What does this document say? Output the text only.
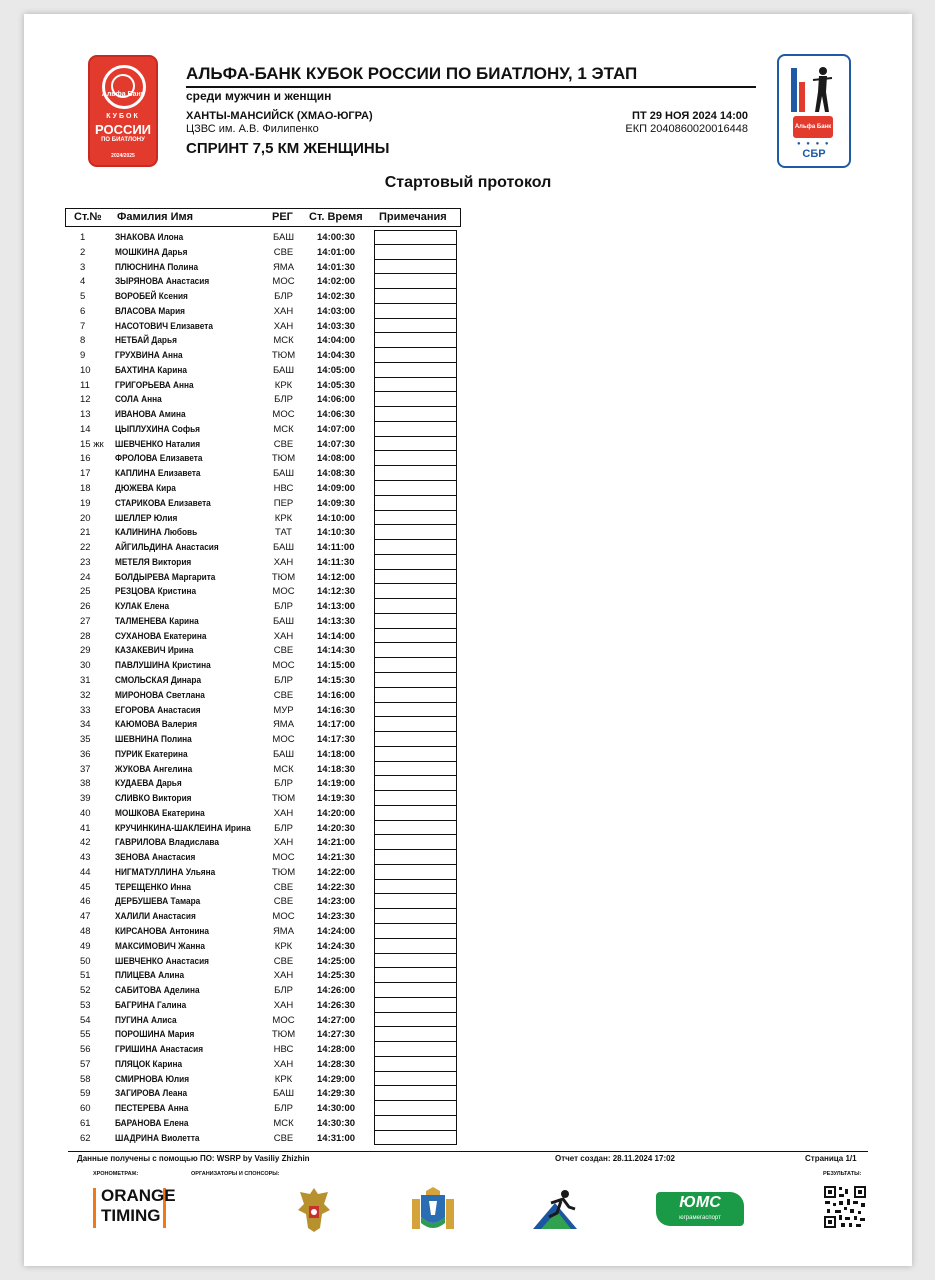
Альфа Банк
КУБОК
РОССИИ
ПО БИАТЛОНУ
2024/2025
Альфа Банк
● ● ● ●
СБР
АЛЬФА-БАНК КУБОК РОССИИ ПО БИАТЛОНУ, 1 ЭТАП
среди мужчин и женщин
ХАНТЫ-МАНСИЙСК (ХМАО-ЮГРА)
ЦЗВС им. А.В. Филипенко
ПТ 29 НОЯ 2024 14:00
ЕКП 2040860020016448
СПРИНТ 7,5 КМ ЖЕНЩИНЫ
Стартовый протокол
Ст.№ Фамилия Имя	РЕГ Ст. Время Примечания
1	ЗНАКОВА Илона	БАШ 14:00:30
2	МОШКИНА Дарья	СВЕ 14:01:00
3	ПЛЮСНИНА Полина	ЯМА 14:01:30
4	ЗЫРЯНОВА Анастасия	МОС 14:02:00
5	ВОРОБЕЙ Ксения	БЛР	14:02:30
6	ВЛАСОВА Мария	ХАН 14:03:00
7	НАСОТОВИЧ Елизавета	ХАН 14:03:30
8	НЕТБАЙ Дарья	МСК 14:04:00
9	ГРУХВИНА Анна	ТЮМ 14:04:30
10	БАХТИНА Карина	БАШ 14:05:00
11	ГРИГОРЬЕВА Анна	КРК	14:05:30
12	СОЛА Анна	БЛР	14:06:00
13	ИВАНОВА Амина	МОС 14:06:30
14	ЦЫПЛУХИНА Софья	МСК 14:07:00
15 жк ШЕВЧЕНКО Наталия	СВЕ 14:07:30
16	ФРОЛОВА Елизавета	ТЮМ 14:08:00
17	КАПЛИНА Елизавета	БАШ 14:08:30
18	ДЮЖЕВА Кира	НВС 14:09:00
19	СТАРИКОВА Елизавета	ПЕР	14:09:30
20	ШЕЛЛЕР Юлия	КРК	14:10:00
21	КАЛИНИНА Любовь	ТАТ	14:10:30
22	АЙГИЛЬДИНА Анастасия	БАШ 14:11:00
23	МЕТЕЛЯ Виктория	ХАН 14:11:30
24	БОЛДЫРЕВА Маргарита	ТЮМ 14:12:00
25	РЕЗЦОВА Кристина	МОС 14:12:30
26	КУЛАК Елена	БЛР	14:13:00
27	ТАЛМЕНЕВА Карина	БАШ 14:13:30
28	СУХАНОВА Екатерина	ХАН 14:14:00
29	КАЗАКЕВИЧ Ирина	СВЕ 14:14:30
30	ПАВЛУШИНА Кристина	МОС 14:15:00
31	СМОЛЬСКАЯ Динара	БЛР	14:15:30
32	МИРОНОВА Светлана	СВЕ 14:16:00
33	ЕГОРОВА Анастасия	МУР 14:16:30
34	КАЮМОВА Валерия	ЯМА 14:17:00
35	ШЕВНИНА Полина	МОС 14:17:30
36	ПУРИК Екатерина	БАШ 14:18:00
37	ЖУКОВА Ангелина	МСК 14:18:30
38	КУДАЕВА Дарья	БЛР	14:19:00
39	СЛИВКО Виктория	ТЮМ 14:19:30
40	МОШКОВА Екатерина	ХАН 14:20:00
41	КРУЧИНКИНА-ШАКЛЕИНА Ирина	БЛР	14:20:30
42	ГАВРИЛОВА Владислава	ХАН 14:21:00
43	ЗЕНОВА Анастасия	МОС 14:21:30
44	НИГМАТУЛЛИНА Ульяна	ТЮМ 14:22:00
45	ТЕРЕЩЕНКО Инна	СВЕ 14:22:30
46	ДЕРБУШЕВА Тамара	СВЕ 14:23:00
47	ХАЛИЛИ Анастасия	МОС 14:23:30
48	КИРСАНОВА Антонина	ЯМА 14:24:00
49	МАКСИМОВИЧ Жанна	КРК	14:24:30
50	ШЕВЧЕНКО Анастасия	СВЕ 14:25:00
51	ПЛИЦЕВА Алина	ХАН 14:25:30
52	САБИТОВА Аделина	БЛР	14:26:00
53	БАГРИНА Галина	ХАН 14:26:30
54	ПУГИНА Алиса	МОС 14:27:00
55	ПОРОШИНА Мария	ТЮМ 14:27:30
56	ГРИШИНА Анастасия	НВС 14:28:00
57	ПЛЯЦОК Карина	ХАН 14:28:30
58	СМИРНОВА Юлия	КРК	14:29:00
59	ЗАГИРОВА Леана	БАШ 14:29:30
60	ПЕСТЕРЕВА Анна	БЛР	14:30:00
61	БАРАНОВА Елена	МСК 14:30:30
62	ШАДРИНА Виолетта	СВЕ 14:31:00
Данные получены с помощью ПО: WSRP by Vasiliy Zhizhin	Отчет создан: 28.11.2024 17:02	Страница 1/1
ХРОНОМЕТРАЖ:	ОРГАНИЗАТОРЫ И СПОНСОРЫ:	РЕЗУЛЬТАТЫ:
ORANGE
TIMING
ЮМС
юграмегаспорт
